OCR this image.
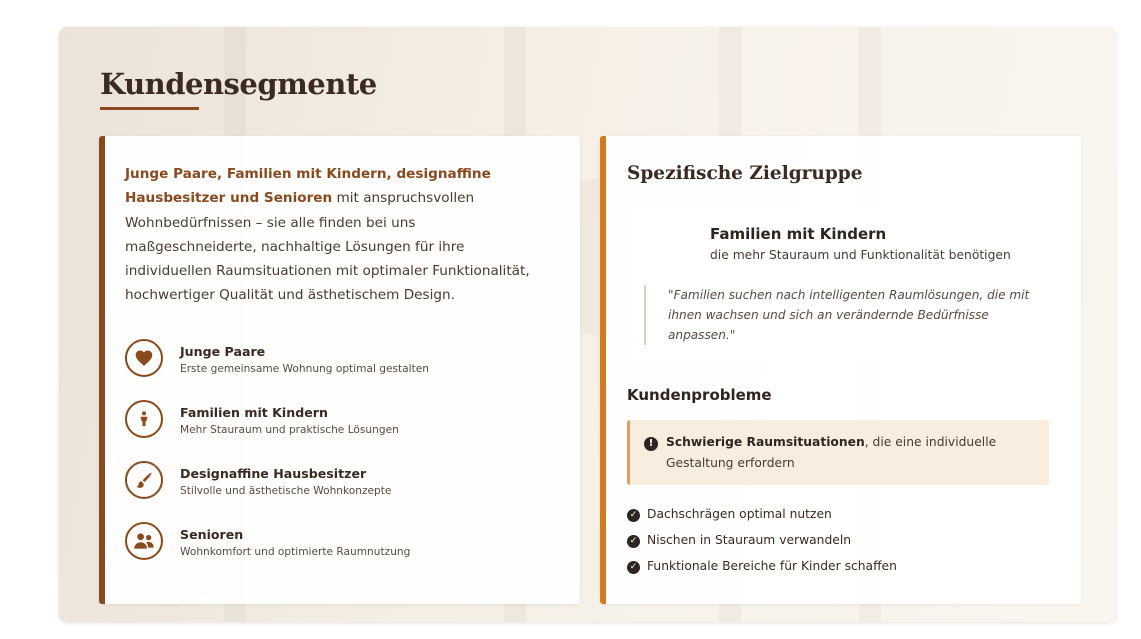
Kundensegmente

Junge Paare, Familien mit Kindern, designaffine Hausbesitzer und Senioren mit anspruchsvollen Wohnbedürfnissen – sie alle finden bei uns maßgeschneiderte, nachhaltige Lösungen für ihre individuellen Raumsituationen mit optimaler Funktionalität, hochwertiger Qualität und ästhetischem Design.

Junge Paare
Erste gemeinsame Wohnung optimal gestalten
Familien mit Kindern
Mehr Stauraum und praktische Lösungen
Designaffine Hausbesitzer
Stilvolle und ästhetische Wohnkonzepte
Senioren
Wohnkomfort und optimierte Raumnutzung
Spezifische Zielgruppe
Familien mit Kindern
die mehr Stauraum und Funktionalität benötigen
"Familien suchen nach intelligenten Raumlösungen, die mit ihnen wachsen und sich an verändernde Bedürfnisse anpassen."
Kundenprobleme
!	Schwierige Raumsituationen, die eine individuelle Gestaltung erfordern
✓ Dachschrägen optimal nutzen
✓ Nischen in Stauraum verwandeln
✓ Funktionale Bereiche für Kinder schaffen
